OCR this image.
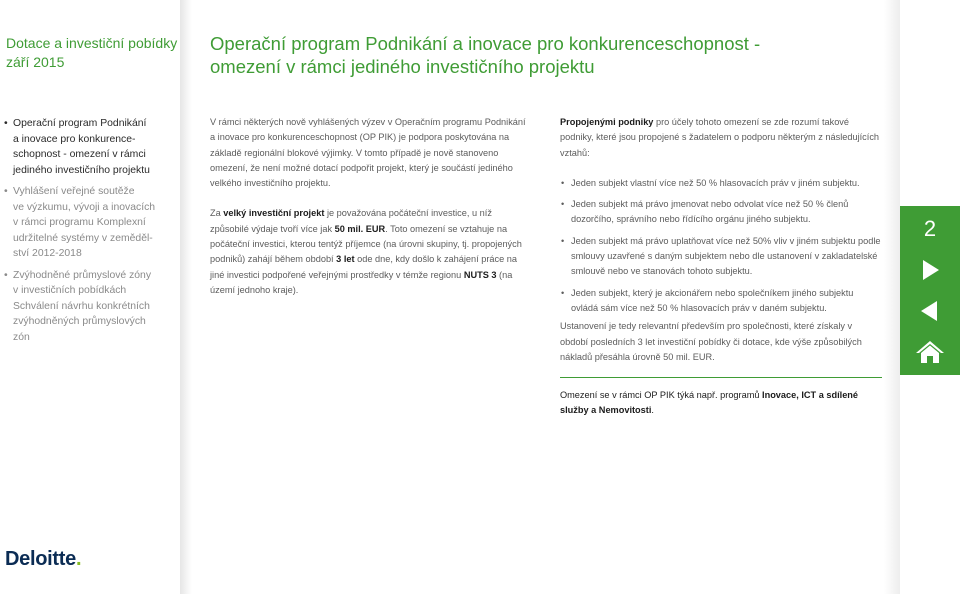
Dotace a investiční pobídky
září 2015
• Operační program Podnikání
a inovace pro konkurence-
schopnost - omezení v rámci
jediného investičního projektu
• Vyhlášení veřejné soutěže
ve výzkumu, vývoji a inovacích
v rámci programu Komplexní
udržitelné systémy v zeměděl-
ství 2012-2018
• Zvýhodněné průmyslové zóny
v investičních pobídkách
Schválení návrhu konkrétních
zvýhodněných průmyslových
zón
Deloitte.
Operační program Podnikání a inovace pro konkurenceschopnost -
omezení v rámci jediného investičního projektu

V rámci některých nově vyhlášených výzev v Operačním programu Podnikání a inovace pro konkurenceschopnost (OP PIK) je podpora poskytována na základě regionální blokové výjimky. V tomto případě je nově stanoveno omezení, že není možné dotací podpořit projekt, který je součástí jediného velkého investičního projektu.

Za velký investiční projekt je považována počáteční investice, u níž způsobilé výdaje tvoří více jak 50 mil. EUR. Toto omezení se vztahuje na počáteční investici, kterou tentýž příjemce (na úrovni skupiny, tj. propojených podniků) zahájí během období 3 let ode dne, kdy došlo k zahájení práce na jiné investici podpořené veřejnými prostředky v témže regionu NUTS 3 (na území jednoho kraje).

Propojenými podniky pro účely tohoto omezení se zde rozumí takové podniky, které jsou propojené s žadatelem o podporu některým z následujících vztahů:

• Jeden subjekt vlastní více než 50 % hlasovacích práv v jiném subjektu.
• Jeden subjekt má právo jmenovat nebo odvolat více než 50 % členů dozorčího, správního nebo řídícího orgánu jiného subjektu.
• Jeden subjekt má právo uplatňovat více než 50% vliv v jiném subjektu podle smlouvy uzavřené s daným subjektem nebo dle ustanovení v zakladatelské smlouvě nebo ve stanovách tohoto subjektu.
• Jeden subjekt, který je akcionářem nebo společníkem jiného subjektu ovládá sám více než 50 % hlasovacích práv v daném subjektu.

Ustanovení je tedy relevantní především pro společnosti, které získaly v období posledních 3 let investiční pobídky či dotace, kde výše způsobilých nákladů přesáhla úrovně 50 mil. EUR.

Omezení se v rámci OP PIK týká např. programů Inovace, ICT a sdílené služby a Nemovitosti.

2
